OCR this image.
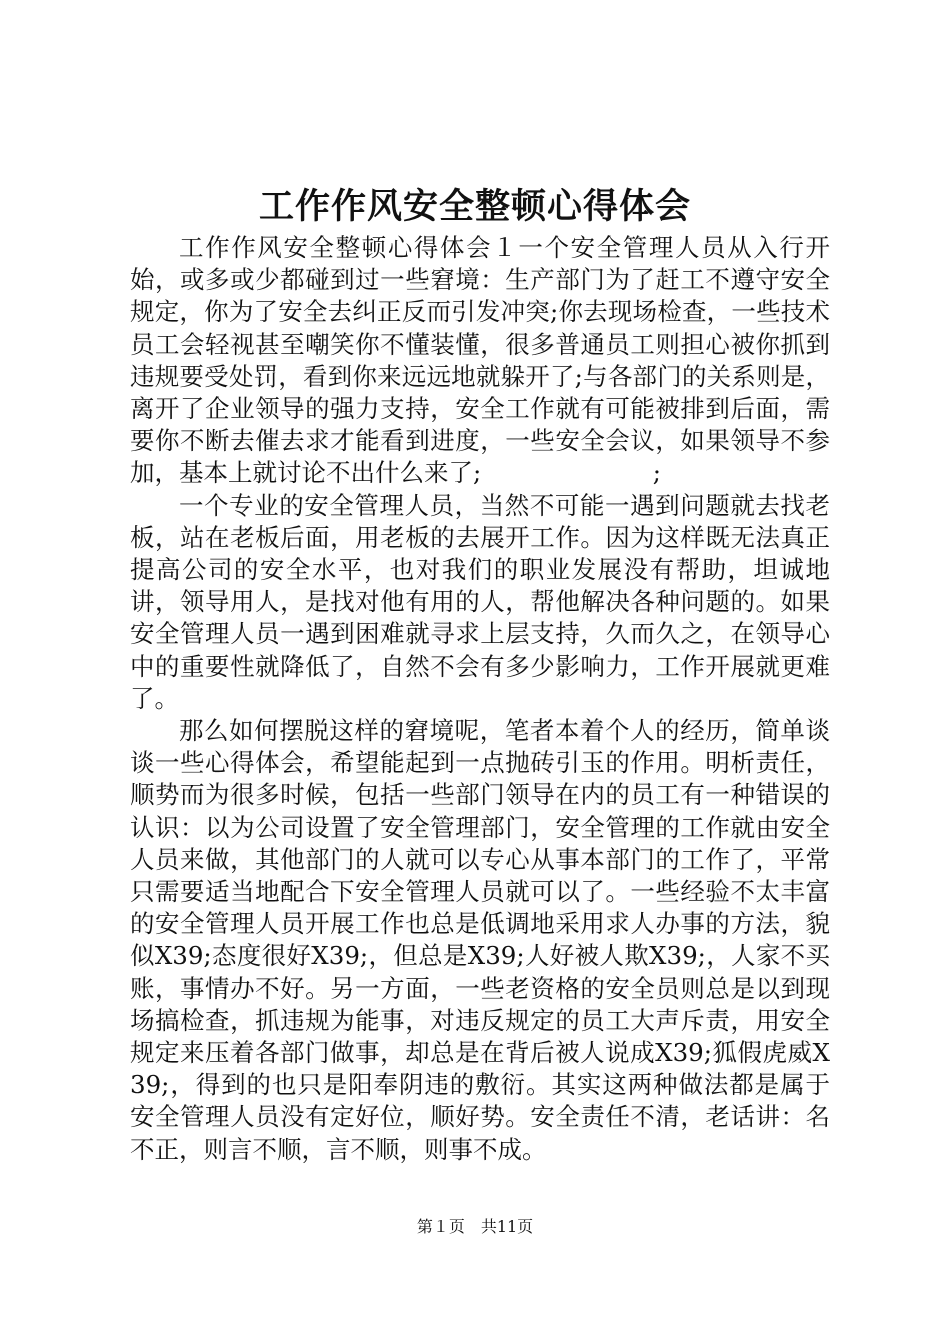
工作作风安全整顿心得体会

工作作风安全整顿心得体会１一个安全管理人员从入行开始，或多或少都碰到过一些窘境：生产部门为了赶工不遵守安全规定，你为了安全去纠正反而引发冲突;你去现场检查，一些技术员工会轻视甚至嘲笑你不懂装懂，很多普通员工则担心被你抓到违规要受处罚，看到你来远远地就躲开了;与各部门的关系则是，离开了企业领导的强力支持，安全工作就有可能被排到后面，需要你不断去催去求才能看到进度，一些安全会议，如果领导不参加，基本上就讨论不出什么来了;　　　　　　　;

一个专业的安全管理人员，当然不可能一遇到问题就去找老板，站在老板后面，用老板的去展开工作。因为这样既无法真正提高公司的安全水平，也对我们的职业发展没有帮助，坦诚地讲，领导用人，是找对他有用的人，帮他解决各种问题的。如果安全管理人员一遇到困难就寻求上层支持，久而久之，在领导心中的重要性就降低了，自然不会有多少影响力，工作开展就更难了。

那么如何摆脱这样的窘境呢，笔者本着个人的经历，简单谈谈一些心得体会，希望能起到一点抛砖引玉的作用。明析责任，顺势而为很多时候，包括一些部门领导在内的员工有一种错误的认识：以为公司设置了安全管理部门，安全管理的工作就由安全人员来做，其他部门的人就可以专心从事本部门的工作了，平常只需要适当地配合下安全管理人员就可以了。一些经验不太丰富的安全管理人员开展工作也总是低调地采用求人办事的方法，貌似X39;态度很好X39;，但总是X39;人好被人欺X39;，人家不买账，事情办不好。另一方面，一些老资格的安全员则总是以到现场搞检查，抓违规为能事，对违反规定的员工大声斥责，用安全规定来压着各部门做事，却总是在背后被人说成X39;狐假虎威X39;，得到的也只是阳奉阴违的敷衍。其实这两种做法都是属于安全管理人员没有定好位，顺好势。安全责任不清，老话讲：名不正，则言不顺，言不顺，则事不成。

第１页　共11页
